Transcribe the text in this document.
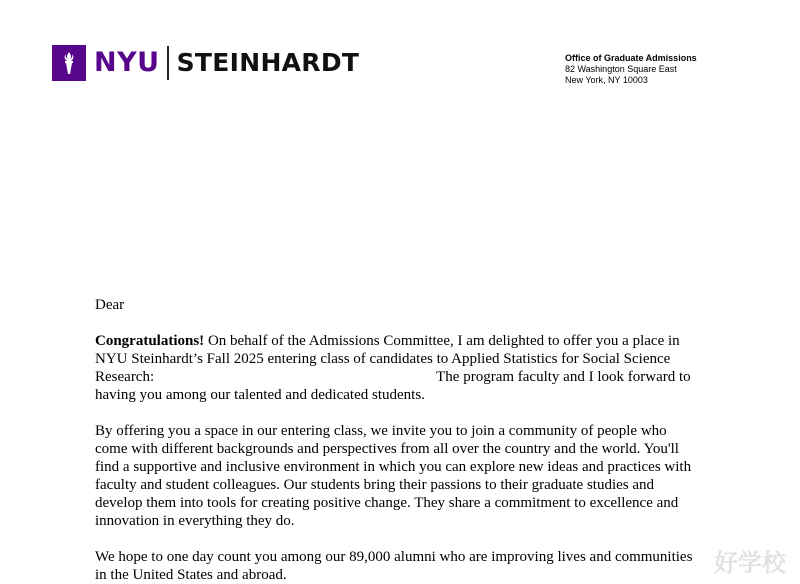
NYU STEINHARDT	Office of Graduate Admissions
82 Washington Square East
New York, NY 10003

Dear

Congratulations! On behalf of the Admissions Committee, I am delighted to offer you a place in
NYU Steinhardt’s Fall 2025 entering class of candidates to Applied Statistics for Social Science
Research:	The program faculty and I look forward to
having you among our talented and dedicated students.

By offering you a space in our entering class, we invite you to join a community of people who
come with different backgrounds and perspectives from all over the country and the world. You'll
find a supportive and inclusive environment in which you can explore new ideas and practices with
faculty and student colleagues. Our students bring their passions to their graduate studies and
develop them into tools for creating positive change. They share a commitment to excellence and
innovation in everything they do.

We hope to one day count you among our 89,000 alumni who are improving lives and communities
in the United States and abroad.	好学校
